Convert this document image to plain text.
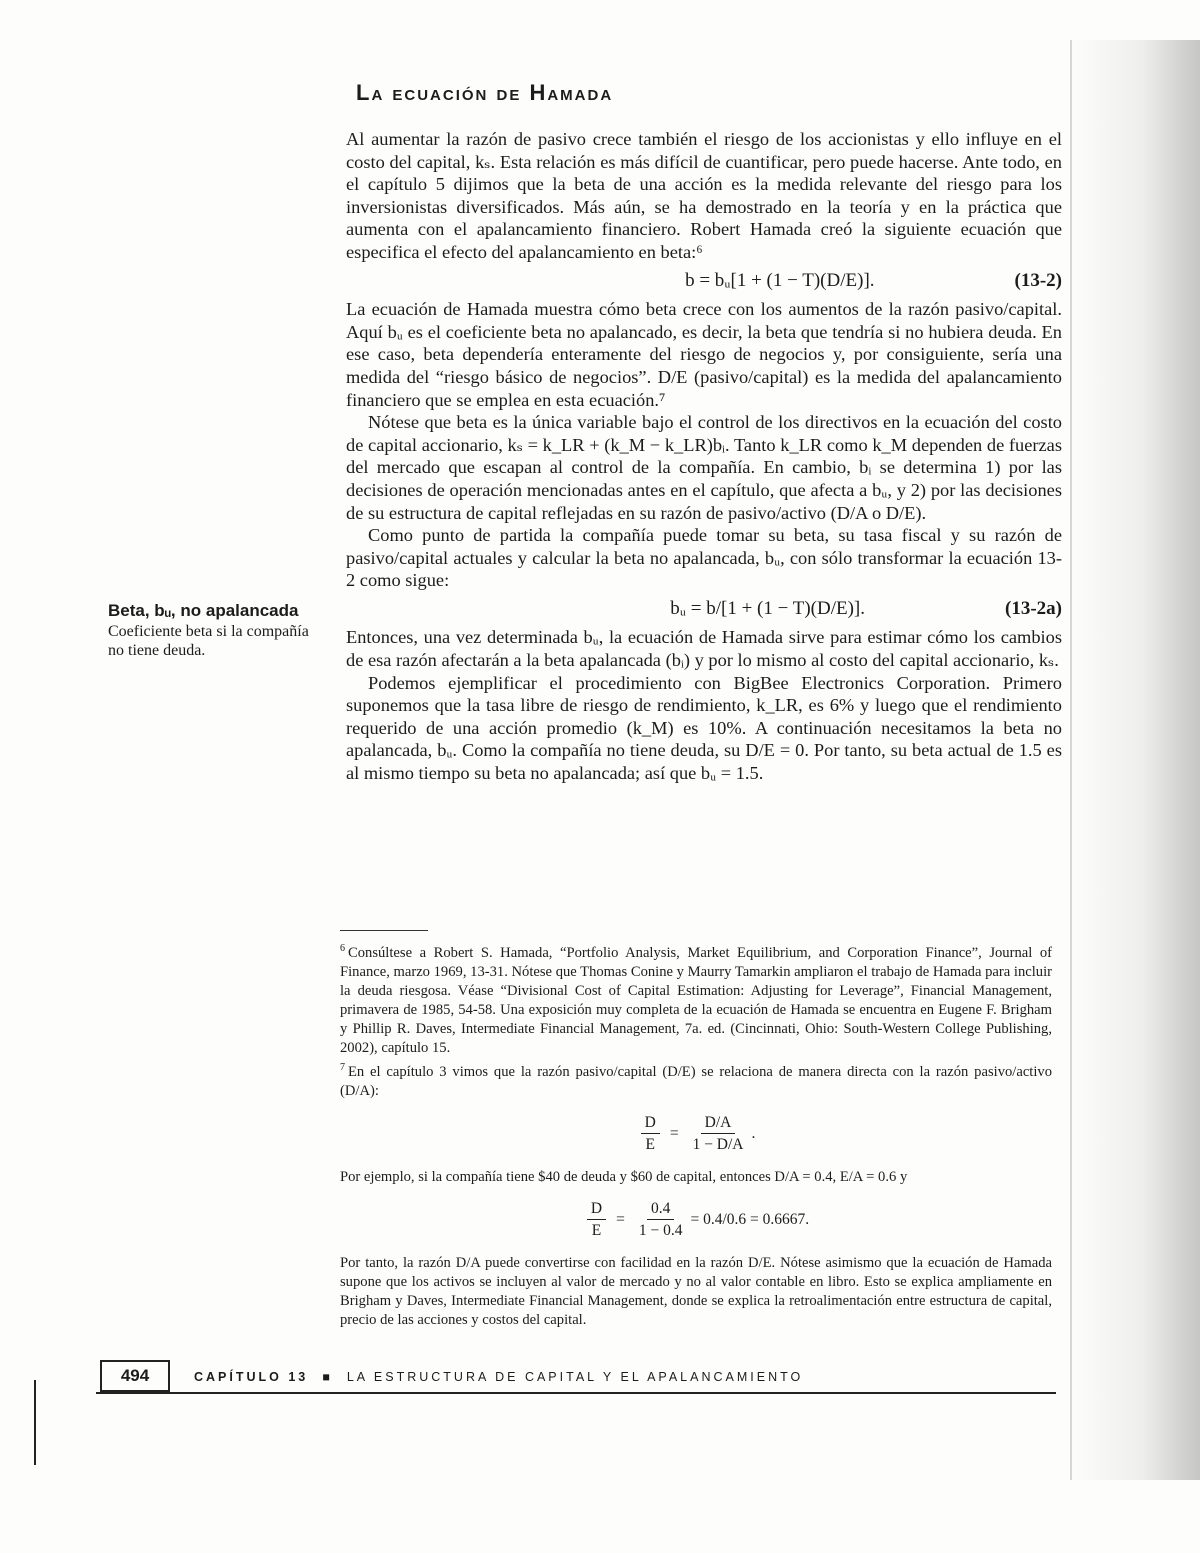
La ecuación de Hamada

Al aumentar la razón de pasivo crece también el riesgo de los accionistas y ello influye en el costo del capital, kₛ. Esta relación es más difícil de cuantificar, pero puede hacerse. Ante todo, en el capítulo 5 dijimos que la beta de una acción es la medida relevante del riesgo para los inversionistas diversificados. Más aún, se ha demostrado en la teoría y en la práctica que aumenta con el apalancamiento financiero. Robert Hamada creó la siguiente ecuación que especifica el efecto del apalancamiento en beta:⁶

b = bᵤ[1 + (1 − T)(D/E)].	(13-2)

La ecuación de Hamada muestra cómo beta crece con los aumentos de la razón pasivo/capital. Aquí bᵤ es el coeficiente beta no apalancado, es decir, la beta que tendría si no hubiera deuda. En ese caso, beta dependería enteramente del riesgo de negocios y, por consiguiente, sería una medida del “riesgo básico de negocios”. D/E (pasivo/capital) es la medida del apalancamiento financiero que se emplea en esta ecuación.⁷

Nótese que beta es la única variable bajo el control de los directivos en la ecuación del costo de capital accionario, kₛ = k_LR + (k_M − k_LR)bᵢ. Tanto k_LR como k_M dependen de fuerzas del mercado que escapan al control de la compañía. En cambio, bᵢ se determina 1) por las decisiones de operación mencionadas antes en el capítulo, que afecta a bᵤ, y 2) por las decisiones de su estructura de capital reflejadas en su razón de pasivo/activo (D/A o D/E).

Como punto de partida la compañía puede tomar su beta, su tasa fiscal y su razón de pasivo/capital actuales y calcular la beta no apalancada, bᵤ, con sólo transformar la ecuación 13-2 como sigue:

bᵤ = b/[1 + (1 − T)(D/E)].	(13-2a)

Entonces, una vez determinada bᵤ, la ecuación de Hamada sirve para estimar cómo los cambios de esa razón afectarán a la beta apalancada (bᵢ) y por lo mismo al costo del capital accionario, kₛ.

Podemos ejemplificar el procedimiento con BigBee Electronics Corporation. Primero suponemos que la tasa libre de riesgo de rendimiento, k_LR, es 6% y luego que el rendimiento requerido de una acción promedio (k_M) es 10%. A continuación necesitamos la beta no apalancada, bᵤ. Como la compañía no tiene deuda, su D/E = 0. Por tanto, su beta actual de 1.5 es al mismo tiempo su beta no apalancada; así que bᵤ = 1.5.

Beta, bᵤ, no apalancada
Coeficiente beta si la compañía no tiene deuda.

$^6$ Consúltese a Robert S. Hamada, “Portfolio Analysis, Market Equilibrium, and Corporation Finance”, Journal of Finance, marzo 1969, 13-31. Nótese que Thomas Conine y Maurry Tamarkin ampliaron el trabajo de Hamada para incluir la deuda riesgosa. Véase “Divisional Cost of Capital Estimation: Adjusting for Leverage”, Financial Management, primavera de 1985, 54-58. Una exposición muy completa de la ecuación de Hamada se encuentra en Eugene F. Brigham y Phillip R. Daves, Intermediate Financial Management, 7a. ed. (Cincinnati, Ohio: South-Western College Publishing, 2002), capítulo 15.

$^7$ En el capítulo 3 vimos que la razón pasivo/capital (D/E) se relaciona de manera directa con la razón pasivo/activo (D/A):

$\frac{D}{E} = \frac{D/A}{1 - D/A}$ .

Por ejemplo, si la compañía tiene $40 de deuda y $60 de capital, entonces D/A = 0.4, E/A = 0.6 y

$\frac{D}{E} = \frac{0.4}{1 - 0.4} = 0.4/0.6 = 0.6667$.

Por tanto, la razón D/A puede convertirse con facilidad en la razón D/E. Nótese asimismo que la ecuación de Hamada supone que los activos se incluyen al valor de mercado y no al valor contable en libro. Esto se explica ampliamente en Brigham y Daves, Intermediate Financial Management, donde se explica la retroalimentación entre estructura de capital, precio de las acciones y costos del capital.

494	CAPÍTULO 13 ■ LA ESTRUCTURA DE CAPITAL Y EL APALANCAMIENTO
